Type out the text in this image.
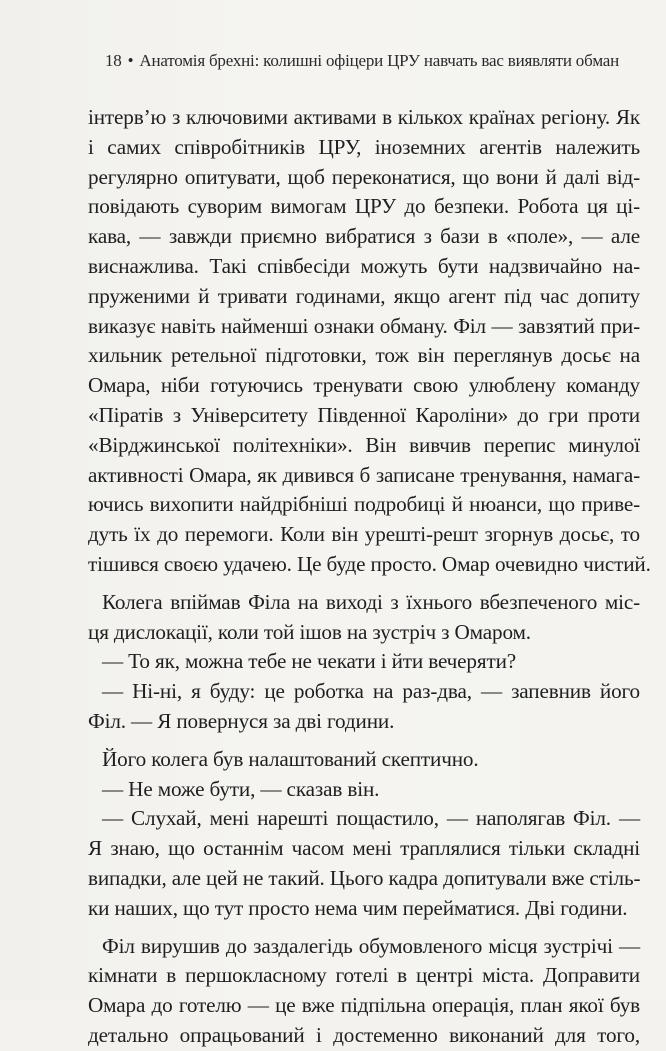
18 • Анатомія брехні: колишні офіцери ЦРУ навчать вас виявляти обман
інтерв’ю з ключовими активами в кількох країнах регіону. Як
і самих співробітників ЦРУ, іноземних агентів належить
регулярно опитувати, щоб переконатися, що вони й далі від-
повідають суворим вимогам ЦРУ до безпеки. Робота ця ці-
кава, — завжди приємно вибратися з бази в «поле», — але
виснажлива. Такі співбесіди можуть бути надзвичайно на-
пруженими й тривати годинами, якщо агент під час допиту
виказує навіть найменші ознаки обману. Філ — завзятий при-
хильник ретельної підготовки, тож він переглянув досьє на
Омара, ніби готуючись тренувати свою улюблену команду
«Піратів з Університету Південної Кароліни» до гри проти
«Вірджинської політехніки». Він вивчив перепис минулої
активності Омара, як дивився б записане тренування, намага-
ючись вихопити найдрібніші подробиці й нюанси, що приве-
дуть їх до перемоги. Коли він урешті-решт згорнув досьє, то
тішився своєю удачею. Це буде просто. Омар очевидно чистий.
Колега впіймав Філа на виході з їхнього вбезпеченого міс-
ця дислокації, коли той ішов на зустріч з Омаром.
— То як, можна тебе не чекати і йти вечеряти?
— Ні-ні, я буду: це роботка на раз-два, — запевнив його
Філ. — Я повернуся за дві години.
Його колега був налаштований скептично.
— Не може бути, — сказав він.
— Слухай, мені нарешті пощастило, — наполягав Філ. —
Я знаю, що останнім часом мені траплялися тільки складні
випадки, але цей не такий. Цього кадра допитували вже стіль-
ки наших, що тут просто нема чим перейматися. Дві години.
Філ вирушив до заздалегідь обумовленого місця зустрічі —
кімнати в першокласному готелі в центрі міста. Доправити
Омара до готелю — це вже підпільна операція, план якої був
детально опрацьований і достеменно виконаний для того,
